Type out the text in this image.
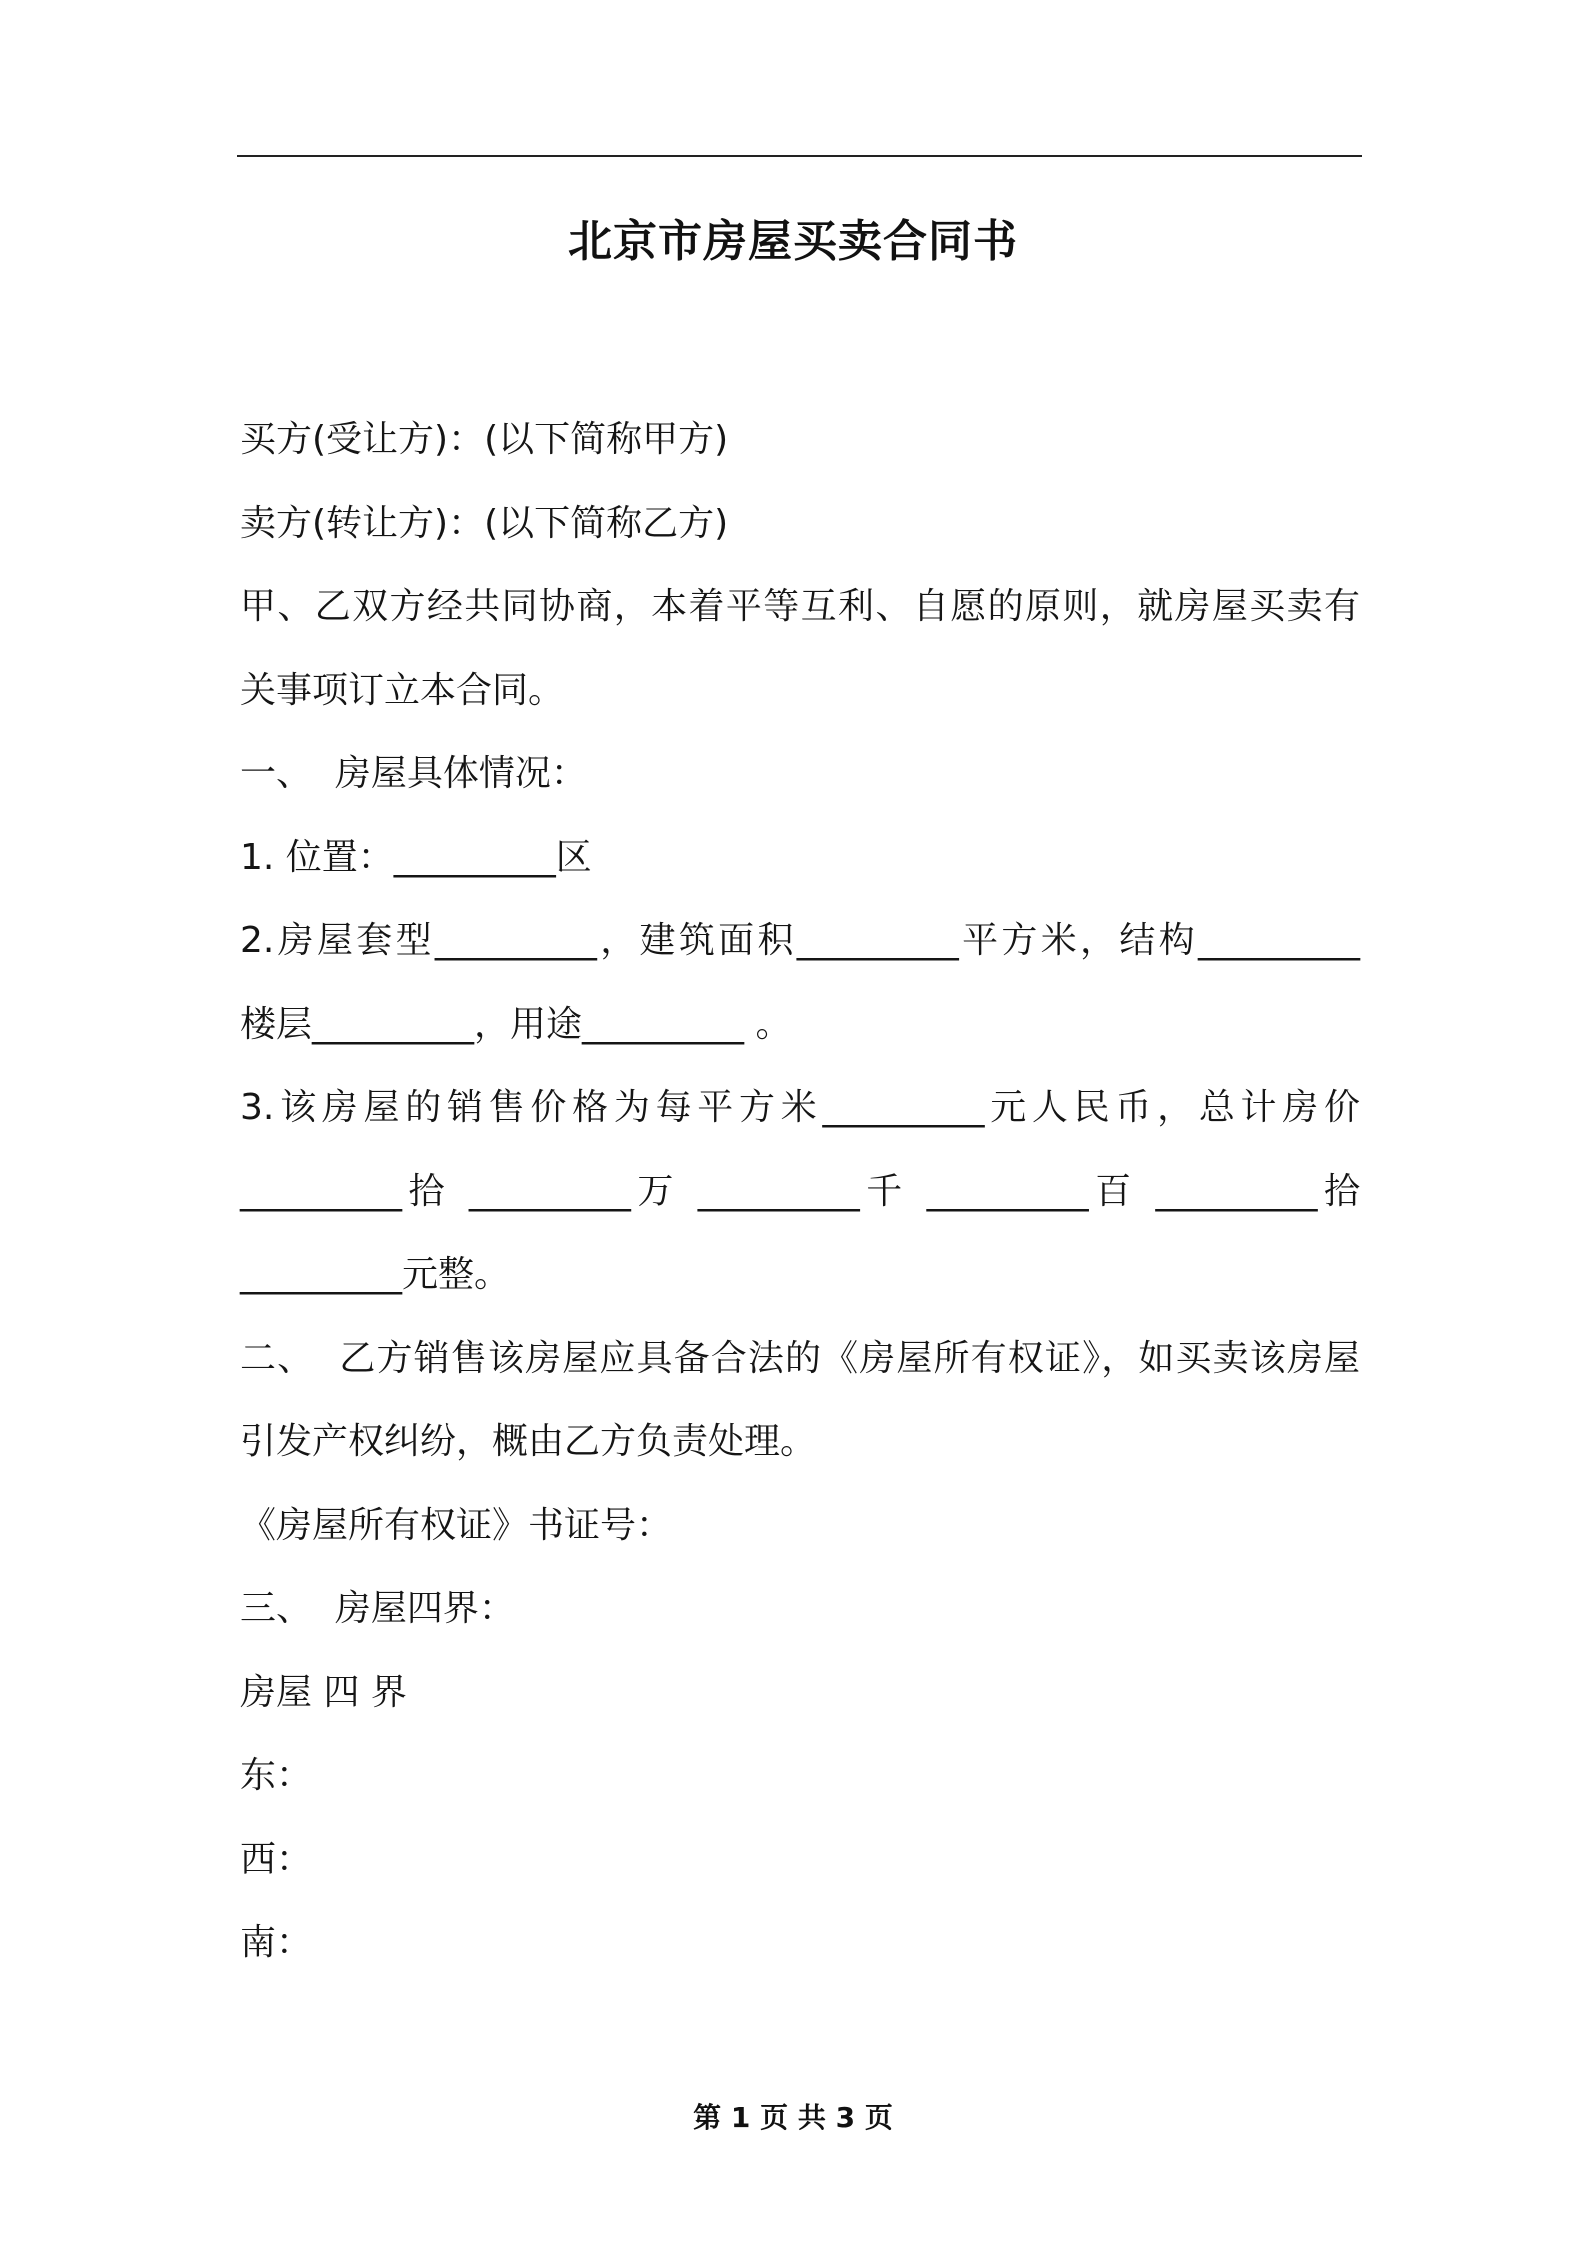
北京市房屋买卖合同书
买方(受让方)：(以下简称甲方)
卖方(转让方)：(以下简称乙方)
甲、乙双方经共同协商，本着平等互利、自愿的原则，就房屋买卖有
关事项订立本合同。
一、  房屋具体情况：
1. 位置：_________区
2.房屋套型_________，建筑面积_________平方米，结构_________
楼层_________，用途_________ 。
3.该房屋的销售价格为每平方米_________元人民币，总计房价
_________拾 _________万 _________千 _________百 _________拾
_________元整。
二、  乙方销售该房屋应具备合法的《房屋所有权证》，如买卖该房屋
引发产权纠纷，概由乙方负责处理。
《房屋所有权证》书证号：
三、  房屋四界：
房屋 四 界
东：
西：
南：
第 1 页 共 3 页
